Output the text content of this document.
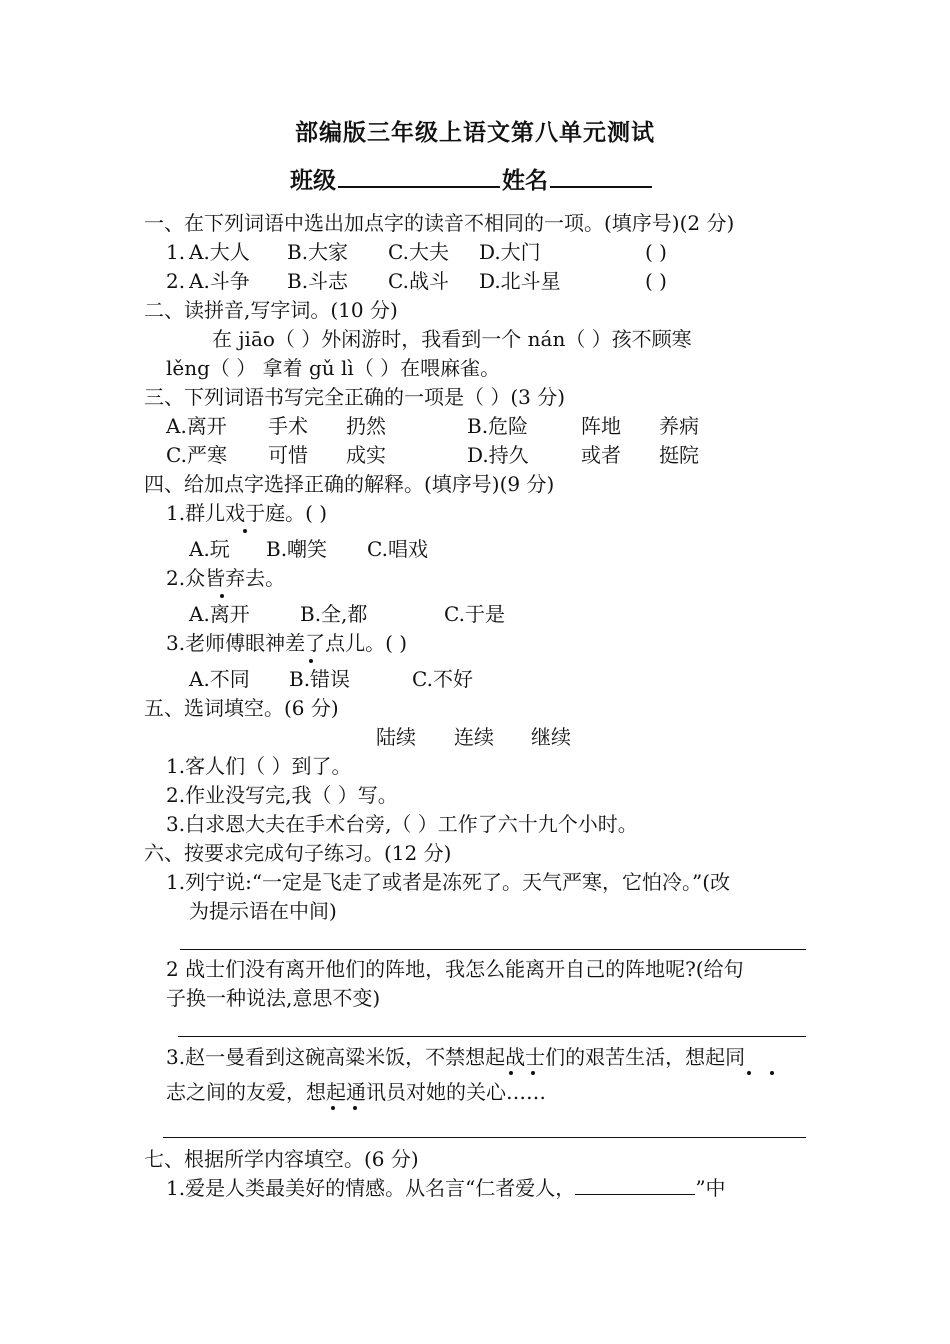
部编版三年级上语文第八单元测试
班级	姓名
一、在下列词语中选出加点字的读音不相同的一项。(填序号)(2 分)
1. A.大人 B.大家 C.大夫 D.大门	( )
2. A.斗争 B.斗志 C.战斗 D.北斗星	( )
二、读拼音,写字词。(10 分)
在 jiāo（ ）外闲游时，我看到一个 nán（ ）孩不顾寒
lěng（ ） 拿着 gǔ lì（ ）在喂麻雀。
三、下列词语书写完全正确的一项是（ ）(3 分)
A.离开 手术 扔然	B.危险	阵地 养病
C.严寒 可惜 成实	D.持久	或者 挺院
四、给加点字选择正确的解释。(填序号)(9 分)
1.群儿戏于庭。( )
A.玩 B.嘲笑 C.唱戏
2.众皆弃去。
A.离开	B.全,都	C.于是
3.老师傅眼神差了点儿。( )
A.不同 B.错误	C.不好
五、选词填空。(6 分)
陆续 连续 继续
1.客人们（ ）到了。
2.作业没写完,我（ ）写。
3.白求恩大夫在手术台旁,（ ）工作了六十九个小时。
六、按要求完成句子练习。(12 分)
1.列宁说:“一定是飞走了或者是冻死了。天气严寒，它怕冷。”(改
为提示语在中间)
2 战士们没有离开他们的阵地，我怎么能离开自己的阵地呢?(给句
子换一种说法,意思不变)
3.赵一曼看到这碗高粱米饭，不禁想起战士们的艰苦生活，想起同
志之间的友爱，想起通讯员对她的关心……
七、根据所学内容填空。(6 分)
1.爱是人类最美好的情感。从名言“仁者爱人，	”中
